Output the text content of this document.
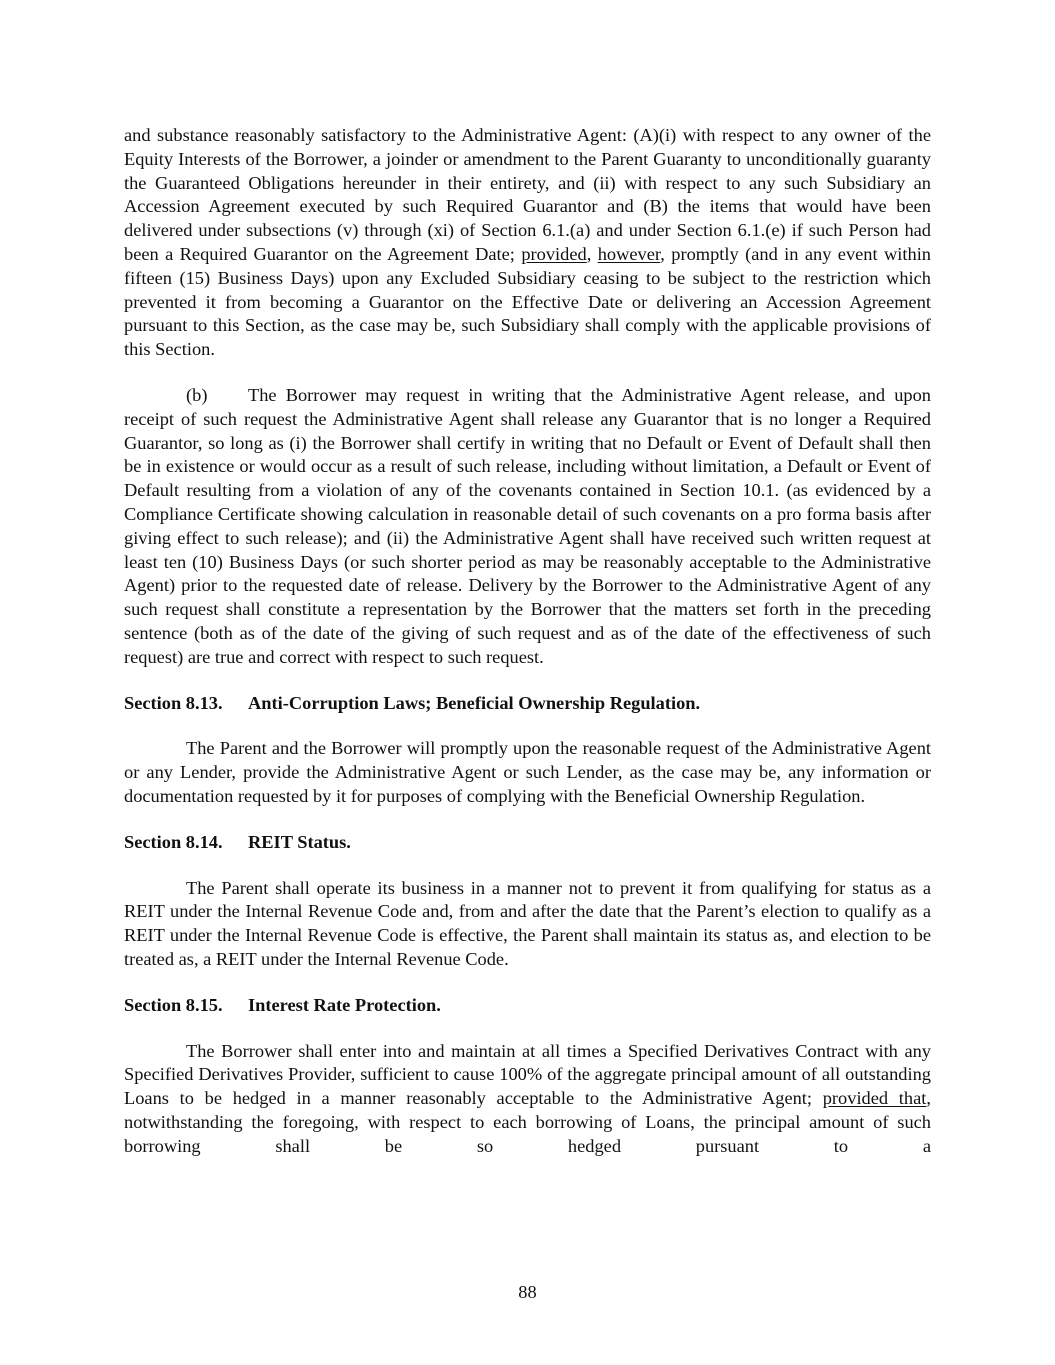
and substance reasonably satisfactory to the Administrative Agent: (A)(i) with respect to any owner of the Equity Interests of the Borrower, a joinder or amendment to the Parent Guaranty to unconditionally guaranty the Guaranteed Obligations hereunder in their entirety, and (ii) with respect to any such Subsidiary an Accession Agreement executed by such Required Guarantor and (B) the items that would have been delivered under subsections (v) through (xi) of Section 6.1.(a) and under Section 6.1.(e) if such Person had been a Required Guarantor on the Agreement Date; provided, however, promptly (and in any event within fifteen (15) Business Days) upon any Excluded Subsidiary ceasing to be subject to the restriction which prevented it from becoming a Guarantor on the Effective Date or delivering an Accession Agreement pursuant to this Section, as the case may be, such Subsidiary shall comply with the applicable provisions of this Section.

(b) The Borrower may request in writing that the Administrative Agent release, and upon receipt of such request the Administrative Agent shall release any Guarantor that is no longer a Required Guarantor, so long as (i) the Borrower shall certify in writing that no Default or Event of Default shall then be in existence or would occur as a result of such release, including without limitation, a Default or Event of Default resulting from a violation of any of the covenants contained in Section 10.1. (as evidenced by a Compliance Certificate showing calculation in reasonable detail of such covenants on a pro forma basis after giving effect to such release); and (ii) the Administrative Agent shall have received such written request at least ten (10) Business Days (or such shorter period as may be reasonably acceptable to the Administrative Agent) prior to the requested date of release. Delivery by the Borrower to the Administrative Agent of any such request shall constitute a representation by the Borrower that the matters set forth in the preceding sentence (both as of the date of the giving of such request and as of the date of the effectiveness of such request) are true and correct with respect to such request.

Section 8.13. Anti-Corruption Laws; Beneficial Ownership Regulation.

The Parent and the Borrower will promptly upon the reasonable request of the Administrative Agent or any Lender, provide the Administrative Agent or such Lender, as the case may be, any information or documentation requested by it for purposes of complying with the Beneficial Ownership Regulation.

Section 8.14. REIT Status.

The Parent shall operate its business in a manner not to prevent it from qualifying for status as a REIT under the Internal Revenue Code and, from and after the date that the Parent’s election to qualify as a REIT under the Internal Revenue Code is effective, the Parent shall maintain its status as, and election to be treated as, a REIT under the Internal Revenue Code.

Section 8.15. Interest Rate Protection.

The Borrower shall enter into and maintain at all times a Specified Derivatives Contract with any Specified Derivatives Provider, sufficient to cause 100% of the aggregate principal amount of all outstanding Loans to be hedged in a manner reasonably acceptable to the Administrative Agent; provided that, notwithstanding the foregoing, with respect to each borrowing of Loans, the principal amount of such borrowing shall be so hedged pursuant to a

88
